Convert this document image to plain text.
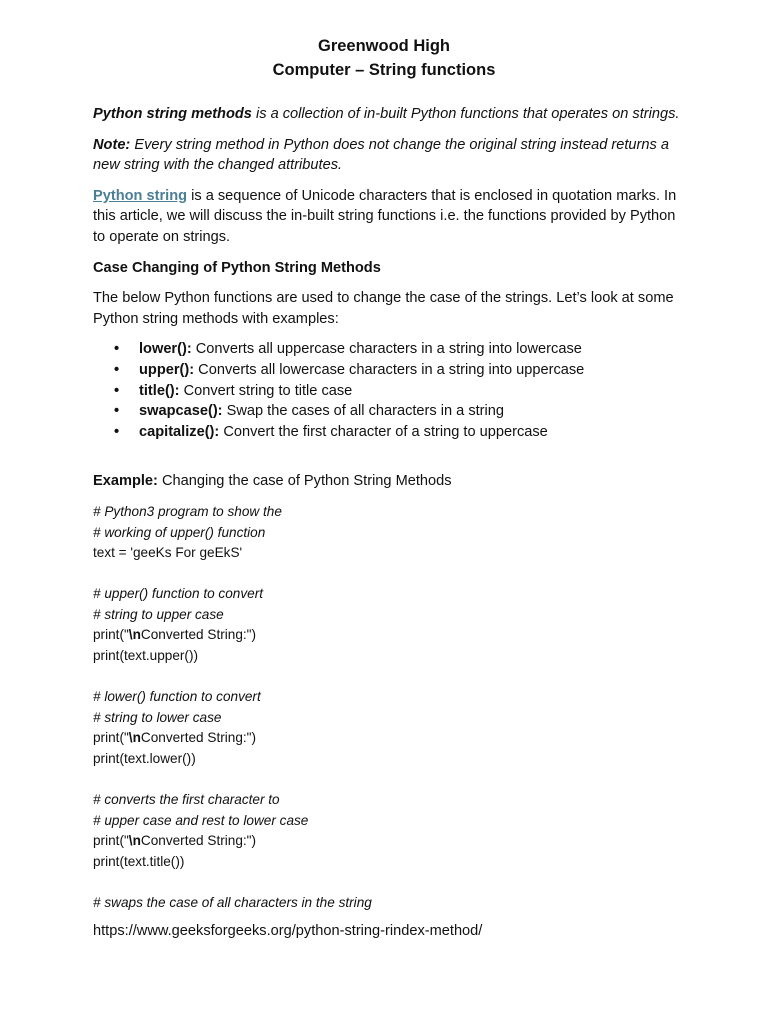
Greenwood High
Computer – String functions

Python string methods is a collection of in-built Python functions that operates on strings.

Note: Every string method in Python does not change the original string instead returns a new string with the changed attributes.

Python string is a sequence of Unicode characters that is enclosed in quotation marks. In this article, we will discuss the in-built string functions i.e. the functions provided by Python to operate on strings.

Case Changing of Python String Methods

The below Python functions are used to change the case of the strings. Let’s look at some Python string methods with examples:

• lower(): Converts all uppercase characters in a string into lowercase
• upper(): Converts all lowercase characters in a string into uppercase
• title(): Convert string to title case
• swapcase(): Swap the cases of all characters in a string
• capitalize(): Convert the first character of a string to uppercase

Example: Changing the case of Python String Methods

# Python3 program to show the
# working of upper() function
text = 'geeKs For geEkS'
# upper() function to convert
# string to upper case
print("\nConverted String:")
print(text.upper())
# lower() function to convert
# string to lower case
print("\nConverted String:")
print(text.lower())
# converts the first character to
# upper case and rest to lower case
print("\nConverted String:")
print(text.title())
# swaps the case of all characters in the string
https://www.geeksforgeeks.org/python-string-rindex-method/
